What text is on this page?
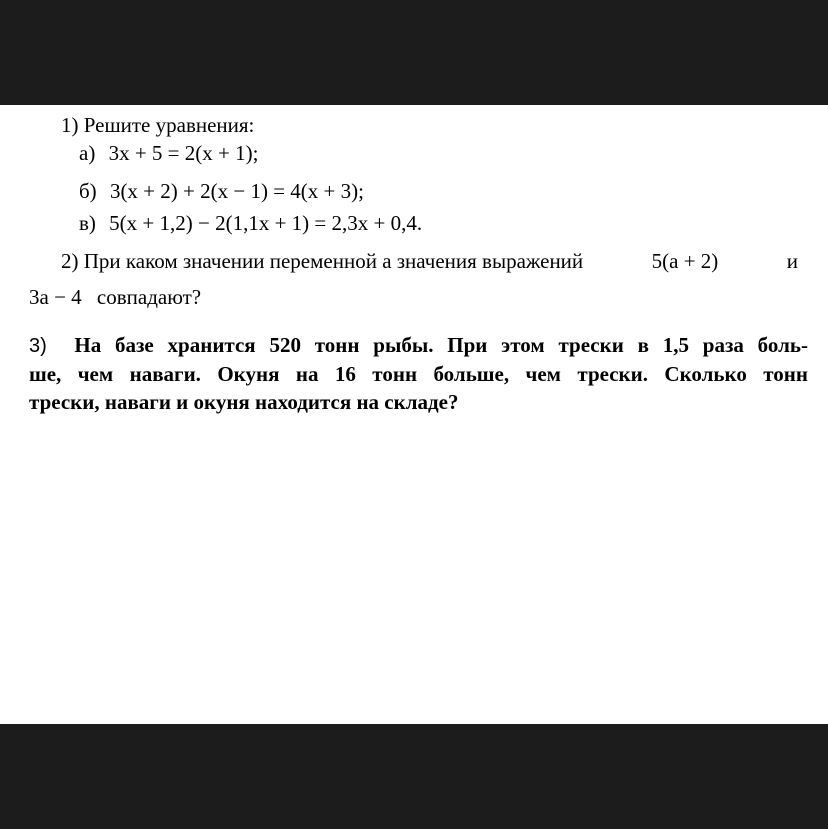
1) Решите уравнения:
а) 3x + 5 = 2(x + 1);
б) 3(x + 2) + 2(x − 1) = 4(x + 3);
в) 5(x + 1,2) − 2(1,1x + 1) = 2,3x + 0,4.
2) При каком значении переменной a значения выражений	5(a + 2)	и
3a − 4 совпадают?
3) На базе хранится 520 тонн рыбы. При этом трески в 1,5 раза боль-
ше, чем наваги. Окуня на 16 тонн больше, чем трески. Сколько тонн
трески, наваги и окуня находится на складе?
